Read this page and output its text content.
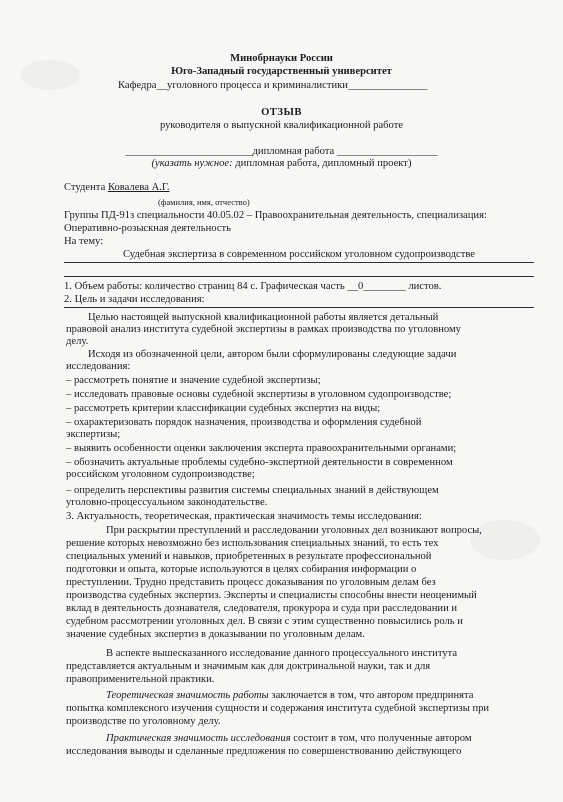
Минобрнауки России
Юго-Западный государственный университет
Кафедра__уголовного процесса и криминалистики_______________
ОТЗЫВ
руководителя о выпускной квалификационной работе
________________________дипломная работа ___________________
(указать нужное: дипломная работа, дипломный проект)
Студента Ковалева А.Г.
(фамилия, имя, отчество)
Группы ПД-91з специальности 40.05.02 – Правоохранительная деятельность, специализация:
Оперативно-розыскная деятельность
На тему:
Судебная экспертиза в современном российском уголовном судопроизводстве
1. Объем работы: количество страниц 84 с. Графическая часть __0________ листов.
2. Цель и задачи исследования:
Целью настоящей выпускной квалификационной работы является детальный
правовой анализ института судебной экспертизы в рамках производства по уголовному
делу.
Исходя из обозначенной цели, автором были сформулированы следующие задачи
исследования:
– рассмотреть понятие и значение судебной экспертизы;
– исследовать правовые основы судебной экспертизы в уголовном судопроизводстве;
– рассмотреть критерии классификации судебных экспертиз на виды;
– охарактеризовать порядок назначения, производства и оформления судебной
экспертизы;
– выявить особенности оценки заключения эксперта правоохранительными органами;
– обозначить актуальные проблемы судебно-экспертной деятельности в современном
российском уголовном судопроизводстве;
– определить перспективы развития системы специальных знаний в действующем
уголовно-процессуальном законодательстве.
3. Актуальность, теоретическая, практическая значимость темы исследования:
При раскрытии преступлений и расследовании уголовных дел возникают вопросы,
решение которых невозможно без использования специальных знаний, то есть тех
специальных умений и навыков, приобретенных в результате профессиональной
подготовки и опыта, которые используются в целях собирания информации о
преступлении. Трудно представить процесс доказывания по уголовным делам без
производства судебных экспертиз. Эксперты и специалисты способны внести неоценимый
вклад в деятельность дознавателя, следователя, прокурора и суда при расследовании и
судебном рассмотрении уголовных дел. В связи с этим существенно повысились роль и
значение судебных экспертиз в доказывании по уголовным делам.
В аспекте вышесказанного исследование данного процессуального института
представляется актуальным и значимым как для доктринальной науки, так и для
правоприменительной практики.
Теоретическая значимость работы заключается в том, что автором предпринята
попытка комплексного изучения сущности и содержания института судебной экспертизы при
производстве по уголовному делу.
Практическая значимость исследования состоит в том, что полученные автором
исследования выводы и сделанные предложения по совершенствованию действующего
